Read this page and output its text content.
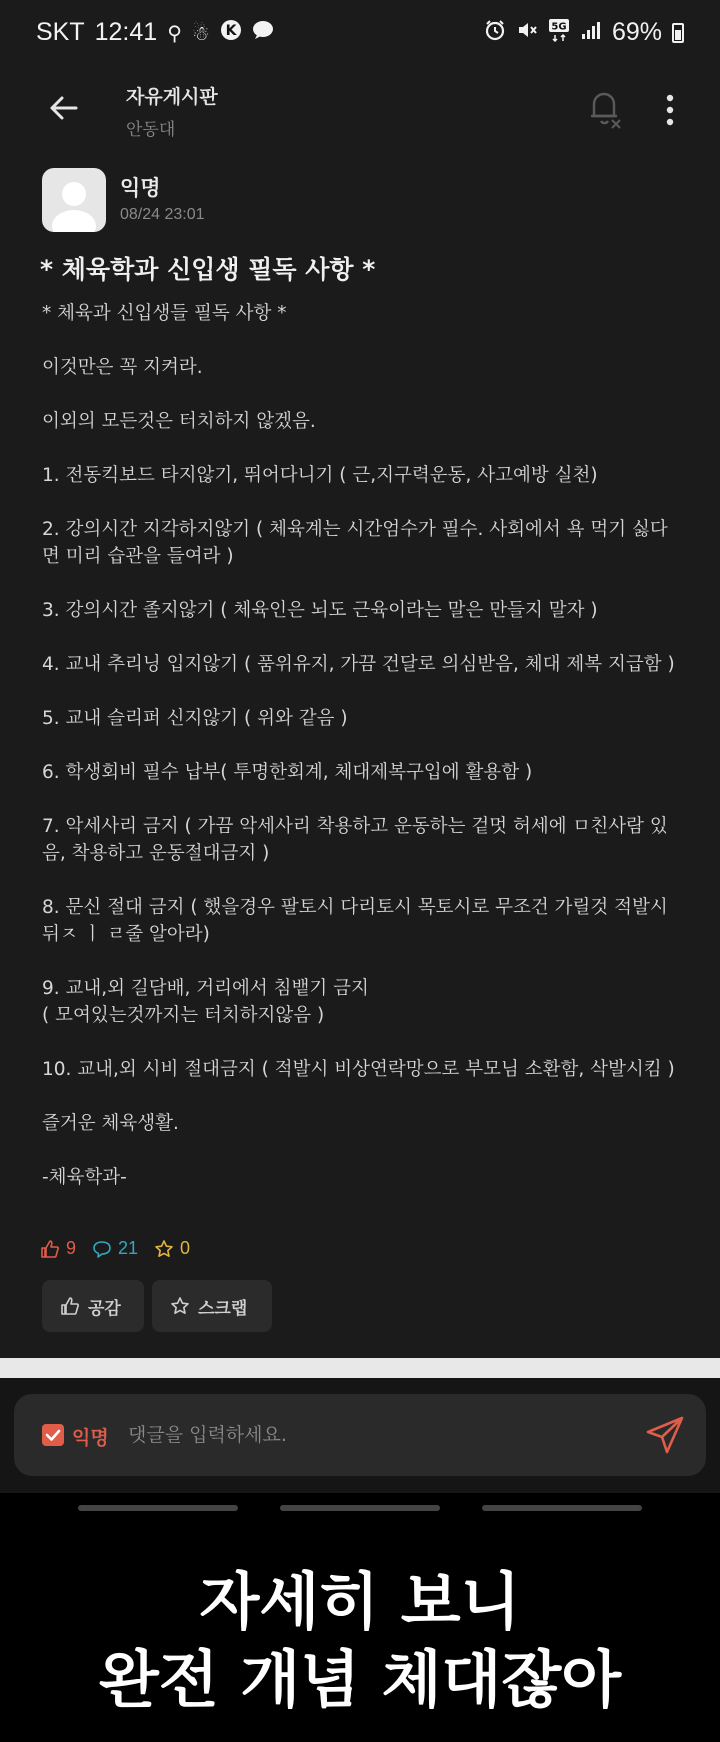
SKT 12:41 ⚲ ☃ K	5G 69%
자유게시판
안동대
익명
08/24 23:01
* 체육학과 신입생 필독 사항 *

* 체육과 신입생들 필독 사항 *

이것만은 꼭 지켜라.

이외의 모든것은 터치하지 않겠음.

1. 전동킥보드 타지않기, 뛰어다니기 ( 근,지구력운동, 사고예방 실천)

2. 강의시간 지각하지않기 ( 체육계는 시간엄수가 필수. 사회에서 욕 먹기 싫다면 미리 습관을 들여라 )

3. 강의시간 졸지않기 ( 체육인은 뇌도 근육이라는 말은 만들지 말자 )

4. 교내 추리닝 입지않기 ( 품위유지, 가끔 건달로 의심받음, 체대 제복 지급함 )

5. 교내 슬리퍼 신지않기 ( 위와 같음 )

6. 학생회비 필수 납부( 투명한회계, 체대제복구입에 활용함 )

7. 악세사리 금지 ( 가끔 악세사리 착용하고 운동하는 겉멋 허세에 ㅁ친사람 있음, 착용하고 운동절대금지 )

8. 문신 절대 금지 ( 했을경우 팔토시 다리토시 목토시로 무조건 가릴것 적발시 뒤ㅈ ㅣ ㄹ줄 알아라)

9. 교내,외 길담배, 거리에서 침뱉기 금지
( 모여있는것까지는 터치하지않음 )

10. 교내,외 시비 절대금지 ( 적발시 비상연락망으로 부모님 소환함, 삭발시킴 )

즐거운 체육생활.

-체육학과-

9 21 0
공감	스크랩
익명
댓글을 입력하세요.
자세히 보니
완전 개념 체대잖아
